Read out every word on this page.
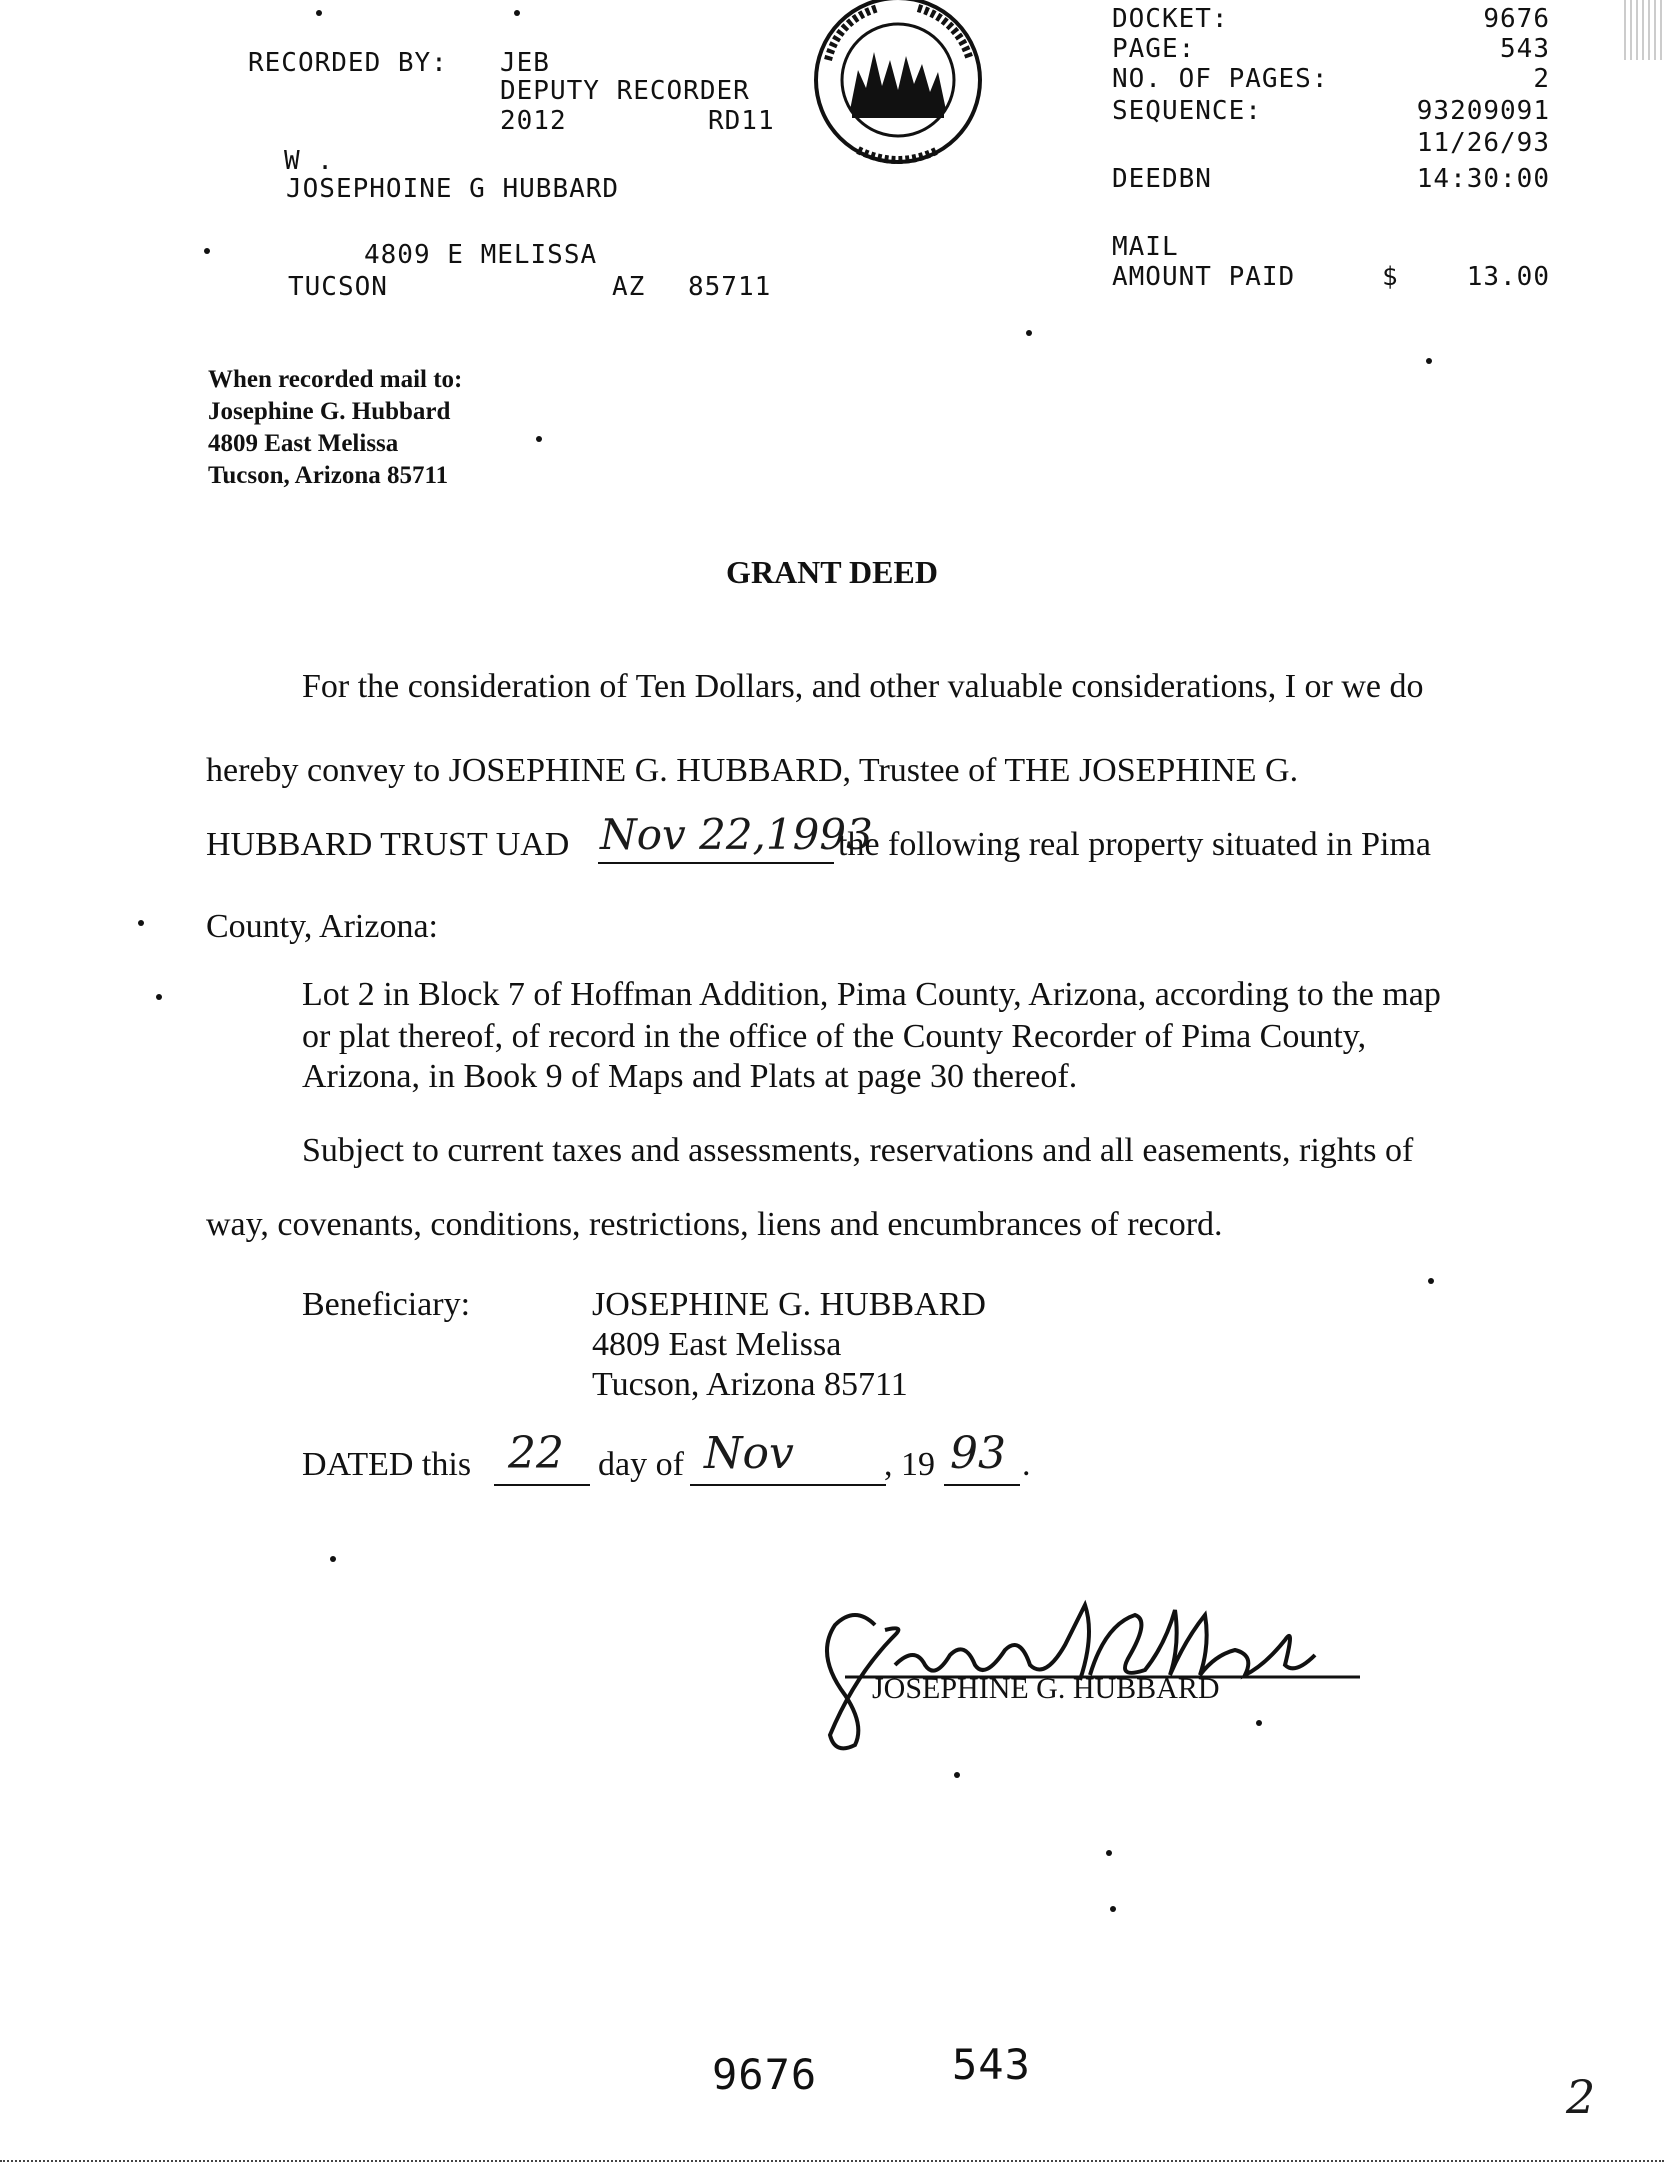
RECORDED BY: JEB
DEPUTY RECORDER
2012	RD11
W .
JOSEPHOINE G HUBBARD
4809 E MELISSA
TUCSON	AZ 85711
DOCKET:	9676
PAGE:	543
NO. OF PAGES:	2
SEQUENCE:	93209091
11/26/93
DEEDBN	14:30:00
MAIL
AMOUNT PAID	$	13.00
When recorded mail to:
Josephine G. Hubbard
4809 East Melissa
Tucson, Arizona 85711
GRANT DEED
For the consideration of Ten Dollars, and other valuable considerations, I or we do
hereby convey to JOSEPHINE G. HUBBARD, Trustee of THE JOSEPHINE G.
HUBBARD TRUST UAD Nov 22,1993
the following real property situated in Pima
County, Arizona:
Lot 2 in Block 7 of Hoffman Addition, Pima County, Arizona, according to the map
or plat thereof, of record in the office of the County Recorder of Pima County,
Arizona, in Book 9 of Maps and Plats at page 30 thereof.
Subject to current taxes and assessments, reservations and all easements, rights of
way, covenants, conditions, restrictions, liens and encumbrances of record.
Beneficiary:	JOSEPHINE G. HUBBARD
4809 East Melissa
Tucson, Arizona 85711
DATED this 22 day of Nov	, 19 93 .
JOSEPHINE G. HUBBARD
9676	543
2
